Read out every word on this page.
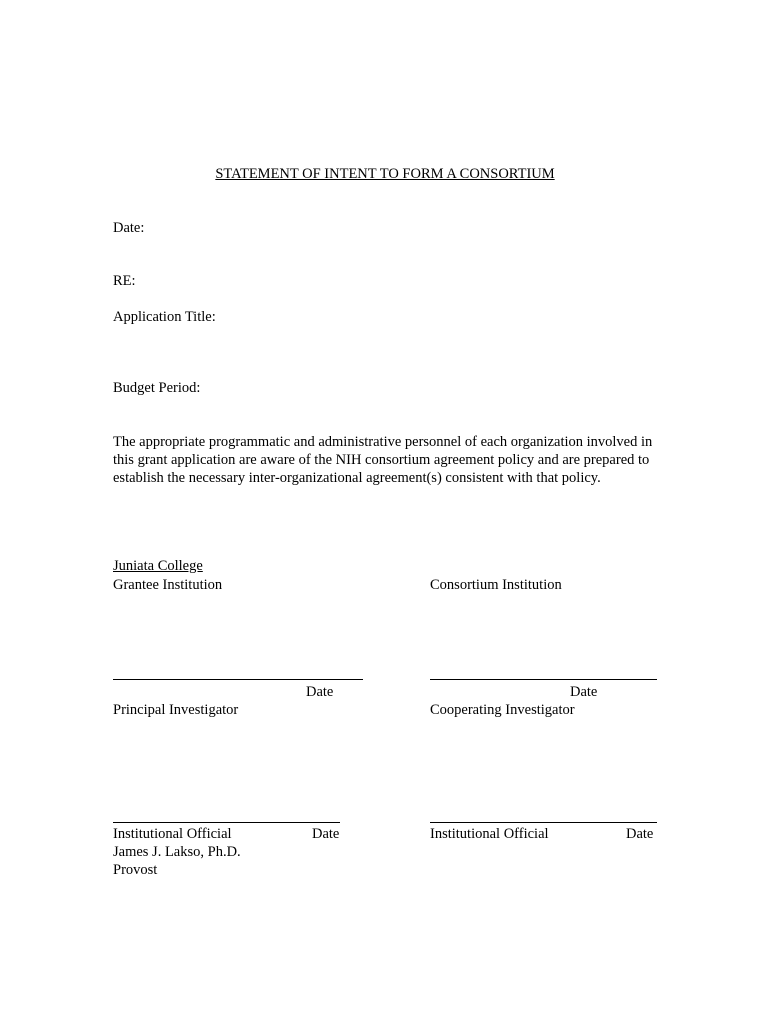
STATEMENT OF INTENT TO FORM A CONSORTIUM
Date:
RE:
Application Title:
Budget Period:
The appropriate programmatic and administrative personnel of each organization involved in this grant application are aware of the NIH consortium agreement policy and are prepared to establish the necessary inter-organizational agreement(s) consistent with that policy.
Juniata College
Grantee Institution	Consortium Institution
Date	Date
Principal Investigator	Cooperating Investigator
Institutional Official	Date	Institutional Official	Date
James J. Lakso, Ph.D.
Provost
